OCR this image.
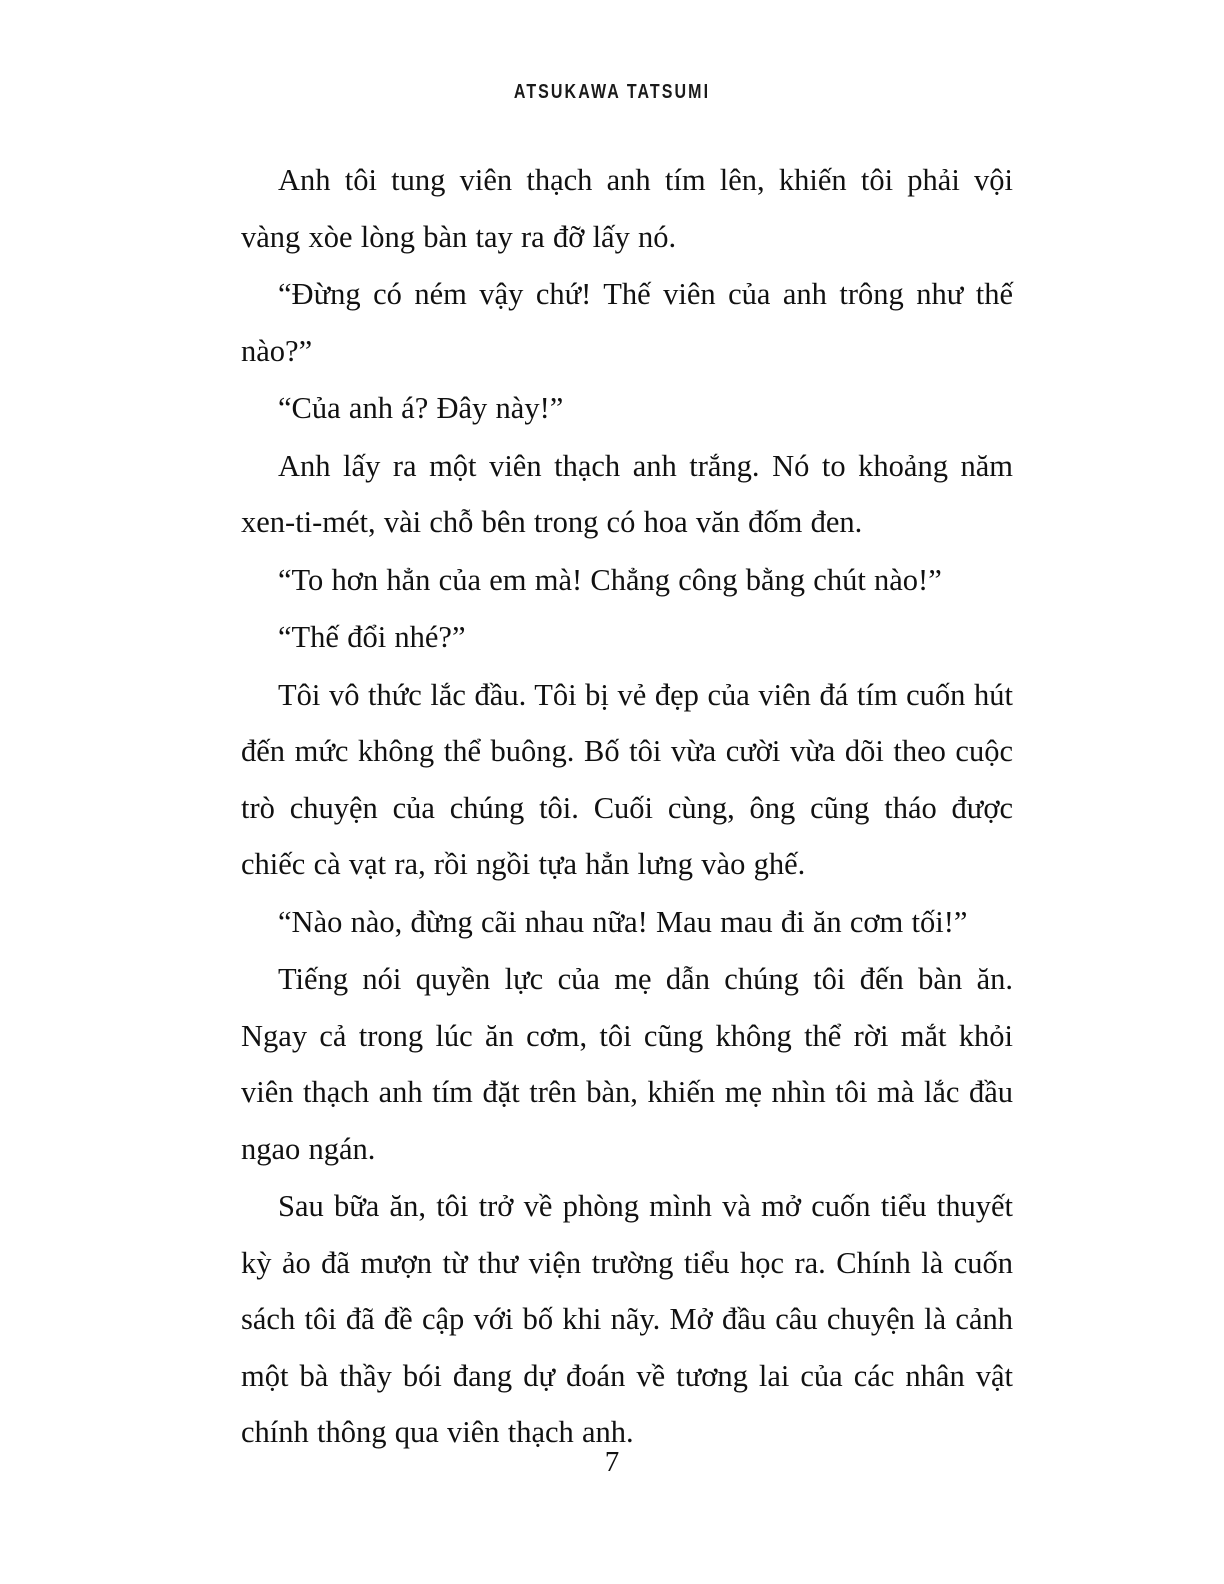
ATSUKAWA TATSUMI

Anh tôi tung viên thạch anh tím lên, khiến tôi phải vội vàng xòe lòng bàn tay ra đỡ lấy nó.

“Đừng có ném vậy chứ! Thế viên của anh trông như thế nào?”

“Của anh á? Đây này!”

Anh lấy ra một viên thạch anh trắng. Nó to khoảng năm xen-ti-mét, vài chỗ bên trong có hoa văn đốm đen.

“To hơn hẳn của em mà! Chẳng công bằng chút nào!”

“Thế đổi nhé?”

Tôi vô thức lắc đầu. Tôi bị vẻ đẹp của viên đá tím cuốn hút đến mức không thể buông. Bố tôi vừa cười vừa dõi theo cuộc trò chuyện của chúng tôi. Cuối cùng, ông cũng tháo được chiếc cà vạt ra, rồi ngồi tựa hẳn lưng vào ghế.

“Nào nào, đừng cãi nhau nữa! Mau mau đi ăn cơm tối!”

Tiếng nói quyền lực của mẹ dẫn chúng tôi đến bàn ăn. Ngay cả trong lúc ăn cơm, tôi cũng không thể rời mắt khỏi viên thạch anh tím đặt trên bàn, khiến mẹ nhìn tôi mà lắc đầu ngao ngán.

Sau bữa ăn, tôi trở về phòng mình và mở cuốn tiểu thuyết kỳ ảo đã mượn từ thư viện trường tiểu học ra. Chính là cuốn sách tôi đã đề cập với bố khi nãy. Mở đầu câu chuyện là cảnh một bà thầy bói đang dự đoán về tương lai của các nhân vật chính thông qua viên thạch anh.

7
